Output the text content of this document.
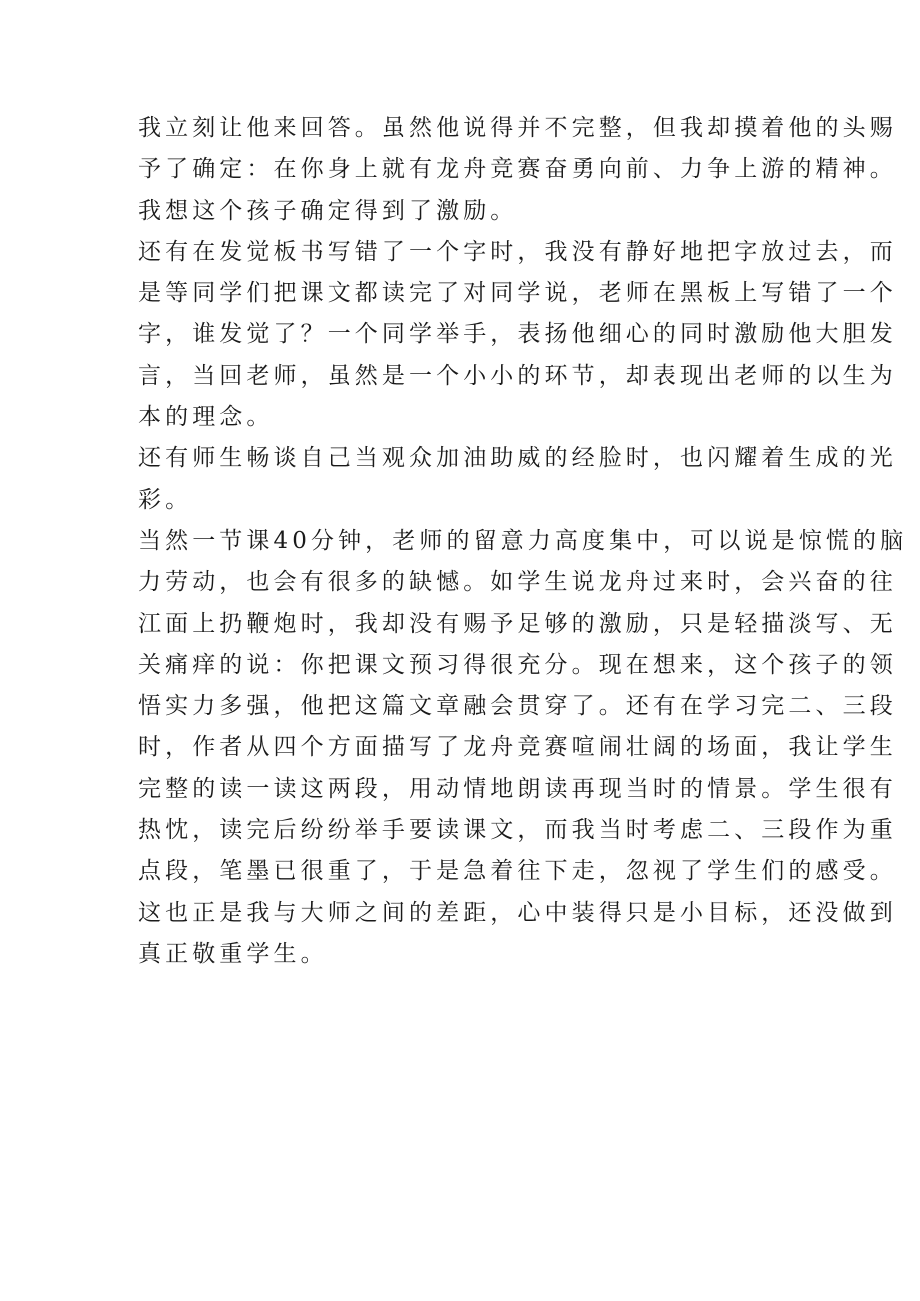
我立刻让他来回答。虽然他说得并不完整，但我却摸着他的头赐
予了确定：在你身上就有龙舟竞赛奋勇向前、力争上游的精神。
我想这个孩子确定得到了激励。

还有在发觉板书写错了一个字时，我没有静好地把字放过去，而
是等同学们把课文都读完了对同学说，老师在黑板上写错了一个
字，谁发觉了？一个同学举手，表扬他细心的同时激励他大胆发
言，当回老师，虽然是一个小小的环节，却表现出老师的以生为
本的理念。

还有师生畅谈自己当观众加油助威的经脸时，也闪耀着生成的光
彩。

当然一节课40分钟，老师的留意力高度集中，可以说是惊慌的脑
力劳动，也会有很多的缺憾。如学生说龙舟过来时，会兴奋的往
江面上扔鞭炮时，我却没有赐予足够的激励，只是轻描淡写、无
关痛痒的说：你把课文预习得很充分。现在想来，这个孩子的领
悟实力多强，他把这篇文章融会贯穿了。还有在学习完二、三段
时，作者从四个方面描写了龙舟竞赛喧闹壮阔的场面，我让学生
完整的读一读这两段，用动情地朗读再现当时的情景。学生很有
热忱，读完后纷纷举手要读课文，而我当时考虑二、三段作为重
点段，笔墨已很重了，于是急着往下走，忽视了学生们的感受。
这也正是我与大师之间的差距，心中装得只是小目标，还没做到
真正敬重学生。
